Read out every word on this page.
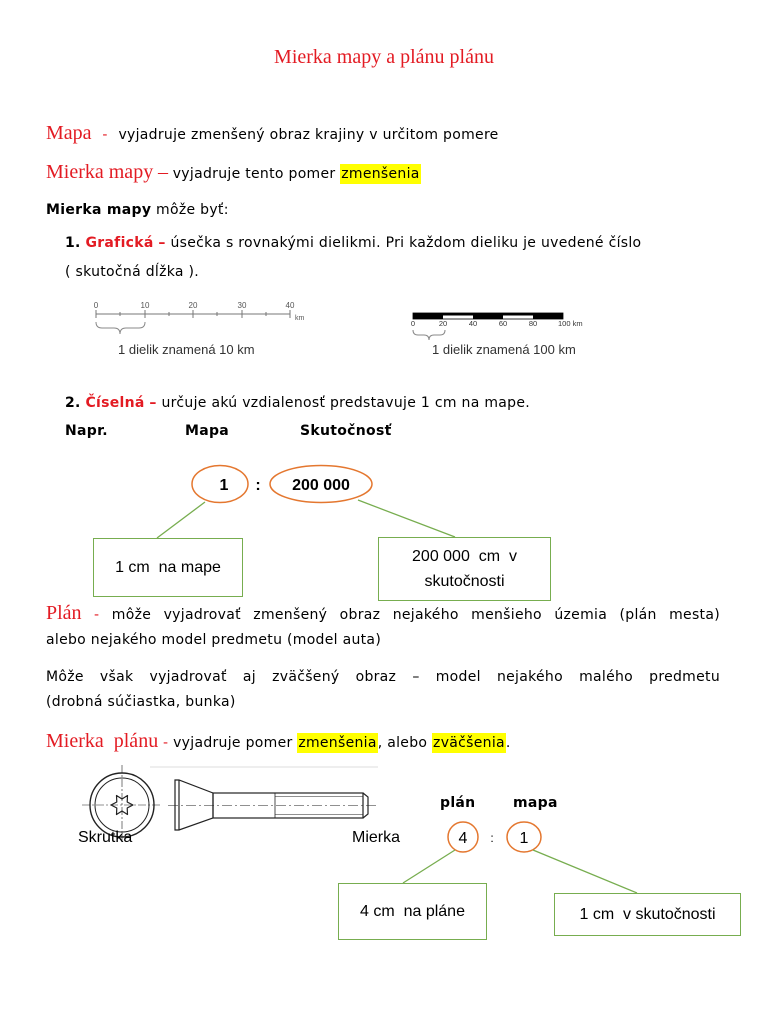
Mierka mapy a plánu plánu
Mapa - vyjadruje zmenšený obraz krajiny v určitom pomere
Mierka mapy – vyjadruje tento pomer zmenšenia
Mierka mapy môže byť:
1. Grafická – úsečka s rovnakými dielikmi. Pri každom dieliku je uvedené číslo
( skutočná dĺžka ).
0	10	20	30	40
km
1 dielik znamená 10 km
0	20	40	60	80	100 km
1 dielik znamená 100 km
2. Číselná – určuje akú vzdialenosť predstavuje 1 cm na mape.
Napr.	Mapa	Skutočnosť
1 : 200 000
1 cm  na mape
200 000  cm  v skutočnosti
Plán - môže vyjadrovať zmenšený obraz nejakého menšieho územia (plán mesta)
alebo nejakého model predmetu (model auta)
Môže však vyjadrovať aj zväčšený obraz – model nejakého malého predmetu
(drobná súčiastka, bunka)
Mierka  plánu - vyjadruje pomer zmenšenia, alebo zväčšenia.
Skrutka	Mierka
plán	mapa
4 : 1
4 cm  na pláne	1 cm  v skutočnosti
